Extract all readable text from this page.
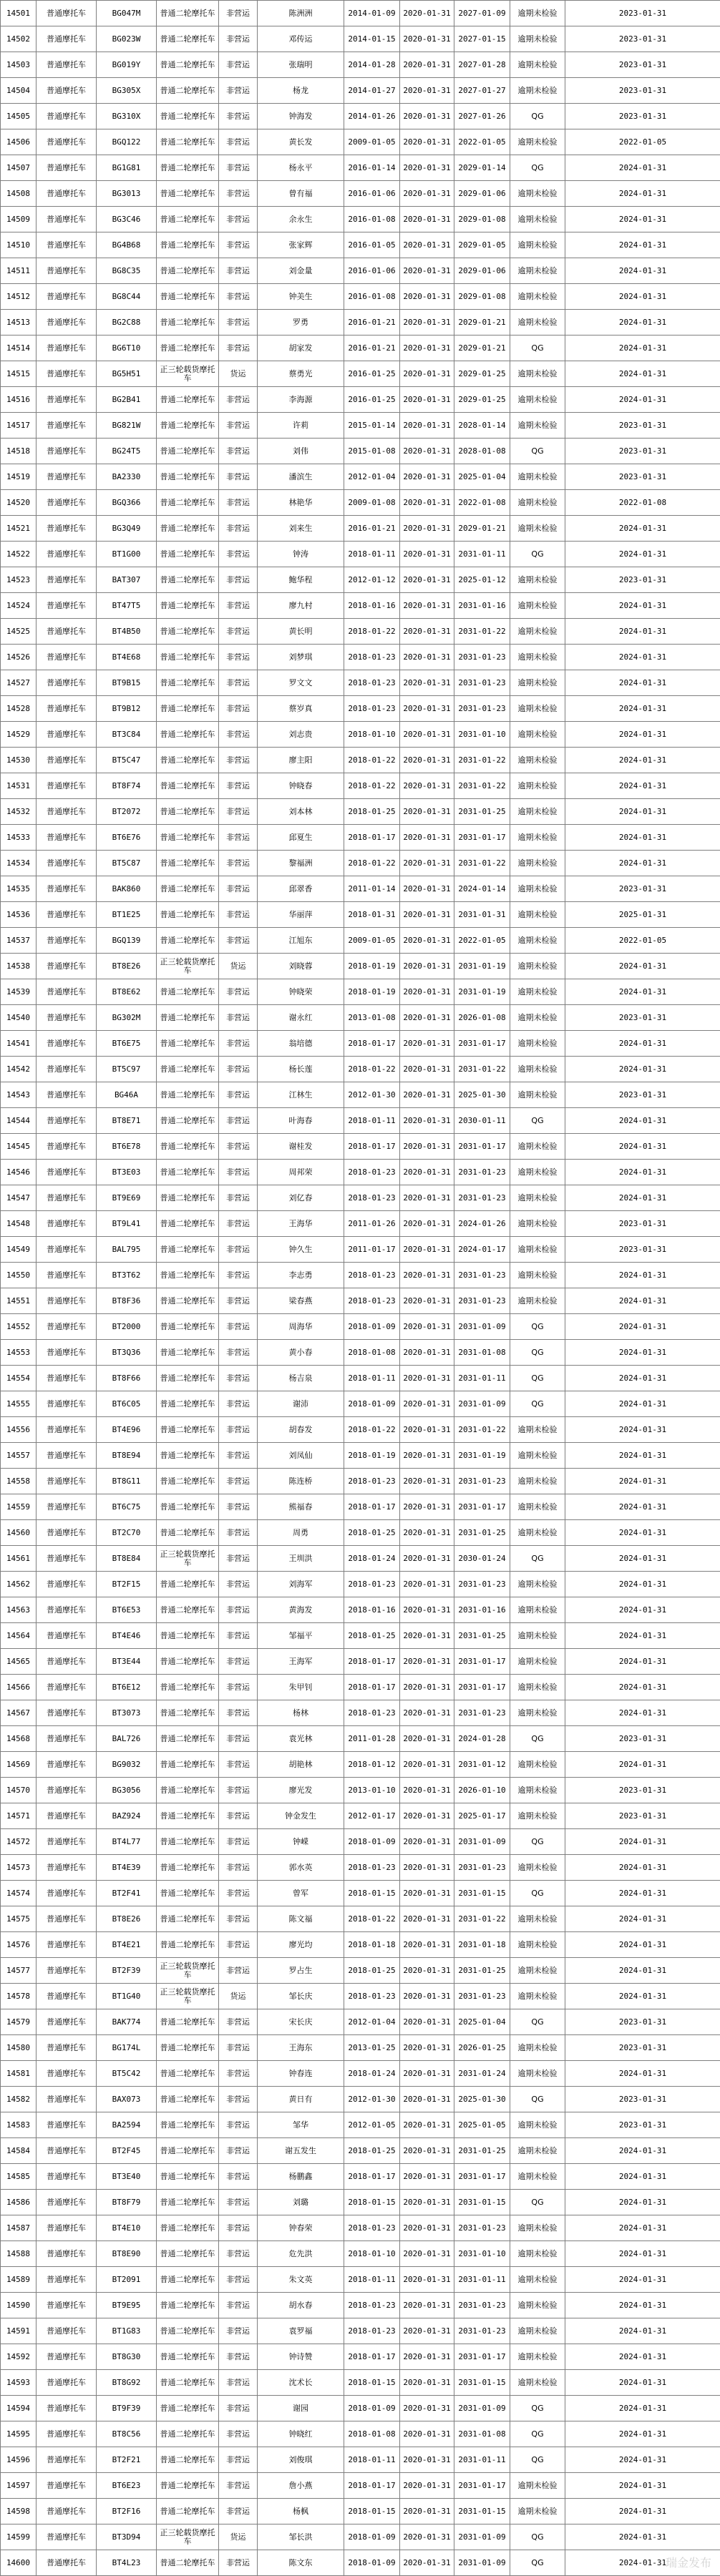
14501	普通摩托车	BG047M	普通二轮摩托车	非营运	陈洲洲	2014-01-09	2020-01-31	2027-01-09	逾期未检验	2023-01-31
14502	普通摩托车	BG023W	普通二轮摩托车	非营运	邓传运	2014-01-15	2020-01-31	2027-01-15	逾期未检验	2023-01-31
14503	普通摩托车	BG019Y	普通二轮摩托车	非营运	张瑞明	2014-01-28	2020-01-31	2027-01-28	逾期未检验	2023-01-31
14504	普通摩托车	BG305X	普通二轮摩托车	非营运	杨龙	2014-01-27	2020-01-31	2027-01-27	逾期未检验	2023-01-31
14505	普通摩托车	BG310X	普通二轮摩托车	非营运	钟海发	2014-01-26	2020-01-31	2027-01-26	QG	2023-01-31
14506	普通摩托车	BGQ122	普通二轮摩托车	非营运	黄长发	2009-01-05	2020-01-31	2022-01-05	逾期未检验	2022-01-05
14507	普通摩托车	BG1G81	普通二轮摩托车	非营运	杨永平	2016-01-14	2020-01-31	2029-01-14	QG	2024-01-31
14508	普通摩托车	BG3013	普通二轮摩托车	非营运	曾有福	2016-01-06	2020-01-31	2029-01-06	逾期未检验	2024-01-31
14509	普通摩托车	BG3C46	普通二轮摩托车	非营运	余永生	2016-01-08	2020-01-31	2029-01-08	逾期未检验	2024-01-31
14510	普通摩托车	BG4B68	普通二轮摩托车	非营运	张家辉	2016-01-05	2020-01-31	2029-01-05	逾期未检验	2024-01-31
14511	普通摩托车	BG8C35	普通二轮摩托车	非营运	刘金量	2016-01-06	2020-01-31	2029-01-06	逾期未检验	2024-01-31
14512	普通摩托车	BG8C44	普通二轮摩托车	非营运	钟美生	2016-01-08	2020-01-31	2029-01-08	逾期未检验	2024-01-31
14513	普通摩托车	BG2C88	普通二轮摩托车	非营运	罗勇	2016-01-21	2020-01-31	2029-01-21	逾期未检验	2024-01-31
14514	普通摩托车	BG6T10	普通二轮摩托车	非营运	胡家发	2016-01-21	2020-01-31	2029-01-21	QG	2024-01-31
14515	普通摩托车	BG5H51	正三轮载货摩托车	货运	蔡勇光	2016-01-25	2020-01-31	2029-01-25	逾期未检验	2024-01-31
14516	普通摩托车	BG2B41	普通二轮摩托车	非营运	李海源	2016-01-25	2020-01-31	2029-01-25	逾期未检验	2024-01-31
14517	普通摩托车	BG821W	普通二轮摩托车	非营运	许莉	2015-01-14	2020-01-31	2028-01-14	逾期未检验	2023-01-31
14518	普通摩托车	BG24T5	普通二轮摩托车	非营运	刘伟	2015-01-08	2020-01-31	2028-01-08	QG	2023-01-31
14519	普通摩托车	BA2330	普通二轮摩托车	非营运	潘滨生	2012-01-04	2020-01-31	2025-01-04	逾期未检验	2023-01-31
14520	普通摩托车	BGQ366	普通二轮摩托车	非营运	林艳华	2009-01-08	2020-01-31	2022-01-08	逾期未检验	2022-01-08
14521	普通摩托车	BG3Q49	普通二轮摩托车	非营运	刘来生	2016-01-21	2020-01-31	2029-01-21	逾期未检验	2024-01-31
14522	普通摩托车	BT1G00	普通二轮摩托车	非营运	钟涛	2018-01-11	2020-01-31	2031-01-11	QG	2024-01-31
14523	普通摩托车	BAT307	普通二轮摩托车	非营运	鲍华程	2012-01-12	2020-01-31	2025-01-12	逾期未检验	2023-01-31
14524	普通摩托车	BT47T5	普通二轮摩托车	非营运	廖九村	2018-01-16	2020-01-31	2031-01-16	逾期未检验	2024-01-31
14525	普通摩托车	BT4B50	普通二轮摩托车	非营运	黄长明	2018-01-22	2020-01-31	2031-01-22	逾期未检验	2024-01-31
14526	普通摩托车	BT4E68	普通二轮摩托车	非营运	刘梦琪	2018-01-23	2020-01-31	2031-01-23	逾期未检验	2024-01-31
14527	普通摩托车	BT9B15	普通二轮摩托车	非营运	罗文文	2018-01-23	2020-01-31	2031-01-23	逾期未检验	2024-01-31
14528	普通摩托车	BT9B12	普通二轮摩托车	非营运	蔡岁真	2018-01-23	2020-01-31	2031-01-23	逾期未检验	2024-01-31
14529	普通摩托车	BT3C84	普通二轮摩托车	非营运	刘志贵	2018-01-10	2020-01-31	2031-01-10	逾期未检验	2024-01-31
14530	普通摩托车	BT5C47	普通二轮摩托车	非营运	廖主阳	2018-01-22	2020-01-31	2031-01-22	逾期未检验	2024-01-31
14531	普通摩托车	BT8F74	普通二轮摩托车	非营运	钟晓春	2018-01-22	2020-01-31	2031-01-22	逾期未检验	2024-01-31
14532	普通摩托车	BT2072	普通二轮摩托车	非营运	刘本林	2018-01-25	2020-01-31	2031-01-25	逾期未检验	2024-01-31
14533	普通摩托车	BT6E76	普通二轮摩托车	非营运	邱夏生	2018-01-17	2020-01-31	2031-01-17	逾期未检验	2024-01-31
14534	普通摩托车	BT5C87	普通二轮摩托车	非营运	黎福洲	2018-01-22	2020-01-31	2031-01-22	逾期未检验	2024-01-31
14535	普通摩托车	BAK860	普通二轮摩托车	非营运	邱翠香	2011-01-14	2020-01-31	2024-01-14	逾期未检验	2023-01-31
14536	普通摩托车	BT1E25	普通二轮摩托车	非营运	华丽萍	2018-01-31	2020-01-31	2031-01-31	逾期未检验	2025-01-31
14537	普通摩托车	BGQ139	普通二轮摩托车	非营运	江旭东	2009-01-05	2020-01-31	2022-01-05	逾期未检验	2022-01-05
14538	普通摩托车	BT8E26	正三轮载货摩托车	货运	刘晓蓉	2018-01-19	2020-01-31	2031-01-19	逾期未检验	2024-01-31
14539	普通摩托车	BT8E62	普通二轮摩托车	非营运	钟晓荣	2018-01-19	2020-01-31	2031-01-19	逾期未检验	2024-01-31
14540	普通摩托车	BG302M	普通二轮摩托车	非营运	谢永红	2013-01-08	2020-01-31	2026-01-08	逾期未检验	2023-01-31
14541	普通摩托车	BT6E75	普通二轮摩托车	非营运	翁培德	2018-01-17	2020-01-31	2031-01-17	逾期未检验	2024-01-31
14542	普通摩托车	BT5C97	普通二轮摩托车	非营运	杨长莲	2018-01-22	2020-01-31	2031-01-22	逾期未检验	2024-01-31
14543	普通摩托车	BG46A	普通二轮摩托车	非营运	江林生	2012-01-30	2020-01-31	2025-01-30	逾期未检验	2023-01-31
14544	普通摩托车	BT8E71	普通二轮摩托车	非营运	叶海春	2018-01-11	2020-01-31	2030-01-11	QG	2024-01-31
14545	普通摩托车	BT6E78	普通二轮摩托车	非营运	谢桂发	2018-01-17	2020-01-31	2031-01-17	逾期未检验	2024-01-31
14546	普通摩托车	BT3E03	普通二轮摩托车	非营运	周邦荣	2018-01-23	2020-01-31	2031-01-23	逾期未检验	2024-01-31
14547	普通摩托车	BT9E69	普通二轮摩托车	非营运	刘亿春	2018-01-23	2020-01-31	2031-01-23	逾期未检验	2024-01-31
14548	普通摩托车	BT9L41	普通二轮摩托车	非营运	王海华	2011-01-26	2020-01-31	2024-01-26	逾期未检验	2023-01-31
14549	普通摩托车	BAL795	普通二轮摩托车	非营运	钟久生	2011-01-17	2020-01-31	2024-01-17	逾期未检验	2023-01-31
14550	普通摩托车	BT3T62	普通二轮摩托车	非营运	李志勇	2018-01-23	2020-01-31	2031-01-23	逾期未检验	2024-01-31
14551	普通摩托车	BT8F36	普通二轮摩托车	非营运	梁春燕	2018-01-23	2020-01-31	2031-01-23	逾期未检验	2024-01-31
14552	普通摩托车	BT2000	普通二轮摩托车	非营运	周海华	2018-01-09	2020-01-31	2031-01-09	QG	2024-01-31
14553	普通摩托车	BT3Q36	普通二轮摩托车	非营运	黄小春	2018-01-08	2020-01-31	2031-01-08	QG	2024-01-31
14554	普通摩托车	BT8F66	普通二轮摩托车	非营运	杨吉泉	2018-01-11	2020-01-31	2031-01-11	QG	2024-01-31
14555	普通摩托车	BT6C05	普通二轮摩托车	非营运	谢沛	2018-01-09	2020-01-31	2031-01-09	QG	2024-01-31
14556	普通摩托车	BT4E96	普通二轮摩托车	非营运	胡春发	2018-01-22	2020-01-31	2031-01-22	逾期未检验	2024-01-31
14557	普通摩托车	BT8E94	普通二轮摩托车	非营运	刘凤仙	2018-01-19	2020-01-31	2031-01-19	逾期未检验	2024-01-31
14558	普通摩托车	BT8G11	普通二轮摩托车	非营运	陈连桥	2018-01-23	2020-01-31	2031-01-23	逾期未检验	2024-01-31
14559	普通摩托车	BT6C75	普通二轮摩托车	非营运	熊福春	2018-01-17	2020-01-31	2031-01-17	逾期未检验	2024-01-31
14560	普通摩托车	BT2C70	普通二轮摩托车	非营运	周勇	2018-01-25	2020-01-31	2031-01-25	逾期未检验	2024-01-31
14561	普通摩托车	BT8E84	正三轮载货摩托车	非营运	王圳洪	2018-01-24	2020-01-31	2030-01-24	QG	2024-01-31
14562	普通摩托车	BT2F15	普通二轮摩托车	非营运	刘海军	2018-01-23	2020-01-31	2031-01-23	逾期未检验	2024-01-31
14563	普通摩托车	BT6E53	普通二轮摩托车	非营运	黄海发	2018-01-16	2020-01-31	2031-01-16	逾期未检验	2024-01-31
14564	普通摩托车	BT4E46	普通二轮摩托车	非营运	邹福平	2018-01-25	2020-01-31	2031-01-25	逾期未检验	2024-01-31
14565	普通摩托车	BT3E44	普通二轮摩托车	非营运	王海军	2018-01-17	2020-01-31	2031-01-17	逾期未检验	2024-01-31
14566	普通摩托车	BT6E12	普通二轮摩托车	非营运	朱甲钊	2018-01-17	2020-01-31	2031-01-17	逾期未检验	2024-01-31
14567	普通摩托车	BT3073	普通二轮摩托车	非营运	杨林	2018-01-23	2020-01-31	2031-01-23	逾期未检验	2024-01-31
14568	普通摩托车	BAL726	普通二轮摩托车	非营运	袁光林	2011-01-28	2020-01-31	2024-01-28	QG	2023-01-31
14569	普通摩托车	BG9032	普通二轮摩托车	非营运	胡艳林	2018-01-12	2020-01-31	2031-01-12	逾期未检验	2024-01-31
14570	普通摩托车	BG3056	普通二轮摩托车	非营运	廖光发	2013-01-10	2020-01-31	2026-01-10	逾期未检验	2023-01-31
14571	普通摩托车	BAZ924	普通二轮摩托车	非营运	钟金发生	2012-01-17	2020-01-31	2025-01-17	逾期未检验	2023-01-31
14572	普通摩托车	BT4L77	普通二轮摩托车	非营运	钟嵘	2018-01-09	2020-01-31	2031-01-09	QG	2024-01-31
14573	普通摩托车	BT4E39	普通二轮摩托车	非营运	郭水英	2018-01-23	2020-01-31	2031-01-23	逾期未检验	2024-01-31
14574	普通摩托车	BT2F41	普通二轮摩托车	非营运	曾军	2018-01-15	2020-01-31	2031-01-15	QG	2024-01-31
14575	普通摩托车	BT8E26	普通二轮摩托车	非营运	陈文福	2018-01-22	2020-01-31	2031-01-22	逾期未检验	2024-01-31
14576	普通摩托车	BT4E21	普通二轮摩托车	非营运	廖光均	2018-01-18	2020-01-31	2031-01-18	逾期未检验	2024-01-31
14577	普通摩托车	BT2F39	正三轮载货摩托车	非营运	罗占生	2018-01-25	2020-01-31	2031-01-25	逾期未检验	2024-01-31
14578	普通摩托车	BT1G40	正三轮载货摩托车	货运	邹长庆	2018-01-23	2020-01-31	2031-01-23	逾期未检验	2024-01-31
14579	普通摩托车	BAK774	普通二轮摩托车	非营运	宋长庆	2012-01-04	2020-01-31	2025-01-04	QG	2023-01-31
14580	普通摩托车	BG174L	普通二轮摩托车	非营运	王海东	2013-01-25	2020-01-31	2026-01-25	逾期未检验	2023-01-31
14581	普通摩托车	BT5C42	普通二轮摩托车	非营运	钟春连	2018-01-24	2020-01-31	2031-01-24	逾期未检验	2024-01-31
14582	普通摩托车	BAX073	普通二轮摩托车	非营运	黄日有	2012-01-30	2020-01-31	2025-01-30	QG	2023-01-31
14583	普通摩托车	BA2594	普通二轮摩托车	非营运	邹华	2012-01-05	2020-01-31	2025-01-05	逾期未检验	2023-01-31
14584	普通摩托车	BT2F45	普通二轮摩托车	非营运	谢五发生	2018-01-25	2020-01-31	2031-01-25	逾期未检验	2024-01-31
14585	普通摩托车	BT3E40	普通二轮摩托车	非营运	杨鹏鑫	2018-01-17	2020-01-31	2031-01-17	逾期未检验	2024-01-31
14586	普通摩托车	BT8F79	普通二轮摩托车	非营运	刘璐	2018-01-15	2020-01-31	2031-01-15	QG	2024-01-31
14587	普通摩托车	BT4E10	普通二轮摩托车	非营运	钟春荣	2018-01-23	2020-01-31	2031-01-23	逾期未检验	2024-01-31
14588	普通摩托车	BT8E90	普通二轮摩托车	非营运	危先洪	2018-01-10	2020-01-31	2031-01-10	逾期未检验	2024-01-31
14589	普通摩托车	BT2091	普通二轮摩托车	非营运	朱文英	2018-01-11	2020-01-31	2031-01-11	逾期未检验	2024-01-31
14590	普通摩托车	BT9E95	普通二轮摩托车	非营运	胡水春	2018-01-23	2020-01-31	2031-01-23	逾期未检验	2024-01-31
14591	普通摩托车	BT1G83	普通二轮摩托车	非营运	袁罗福	2018-01-23	2020-01-31	2031-01-23	逾期未检验	2024-01-31
14592	普通摩托车	BT8G30	普通二轮摩托车	非营运	钟诗赞	2018-01-17	2020-01-31	2031-01-17	逾期未检验	2024-01-31
14593	普通摩托车	BT8G92	普通二轮摩托车	非营运	沈术长	2018-01-15	2020-01-31	2031-01-15	逾期未检验	2024-01-31
14594	普通摩托车	BT9F39	普通二轮摩托车	非营运	谢园	2018-01-09	2020-01-31	2031-01-09	QG	2024-01-31
14595	普通摩托车	BT8C56	普通二轮摩托车	非营运	钟晓红	2018-01-08	2020-01-31	2031-01-08	QG	2024-01-31
14596	普通摩托车	BT2F21	普通二轮摩托车	非营运	刘俊琪	2018-01-11	2020-01-31	2031-01-11	QG	2024-01-31
14597	普通摩托车	BT6E23	普通二轮摩托车	非营运	詹小燕	2018-01-17	2020-01-31	2031-01-17	逾期未检验	2024-01-31
14598	普通摩托车	BT2F16	普通二轮摩托车	非营运	杨枫	2018-01-15	2020-01-31	2031-01-15	逾期未检验	2024-01-31
14599	普通摩托车	BT3D94	正三轮载货摩托车	货运	邹长洪	2018-01-09	2020-01-31	2031-01-09	QG	2024-01-31
14600	普通摩托车	BT4L23	普通二轮摩托车	非营运	陈文东	2018-01-09	2020-01-31	2031-01-09	QG	2024-01-31
瑞金发布
